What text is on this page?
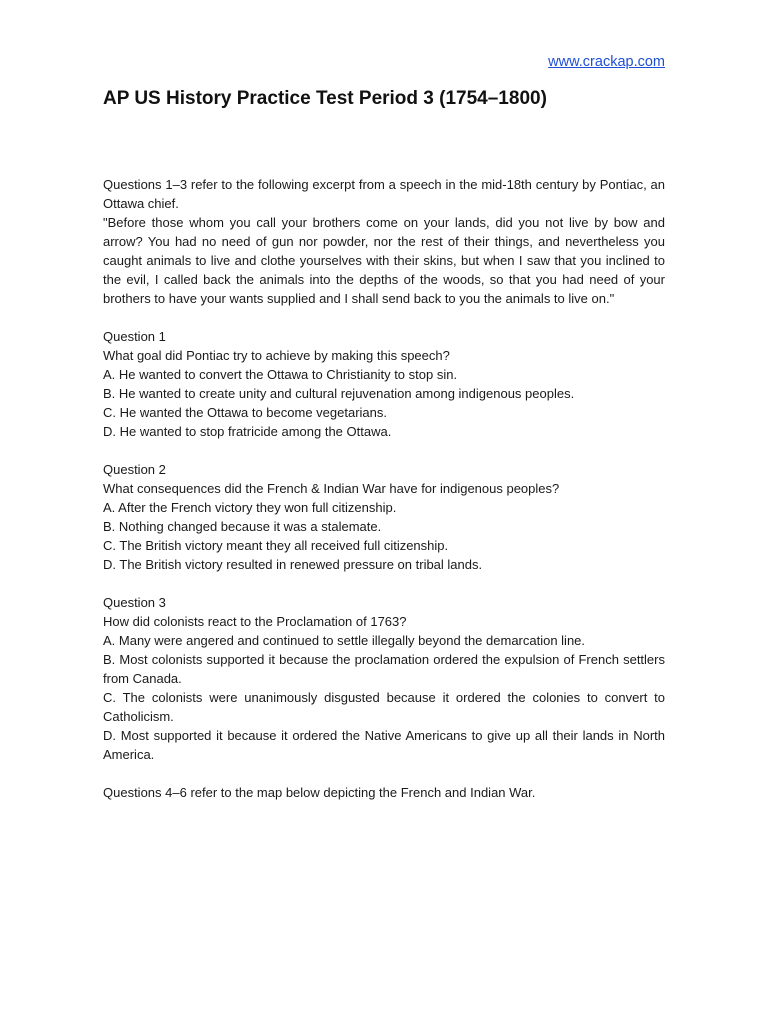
www.crackap.com
AP US History Practice Test Period 3 (1754–1800)

Questions 1–3 refer to the following excerpt from a speech in the mid-18th century by Pontiac, an Ottawa chief.

"Before those whom you call your brothers come on your lands, did you not live by bow and arrow? You had no need of gun nor powder, nor the rest of their things, and nevertheless you caught animals to live and clothe yourselves with their skins, but when I saw that you inclined to the evil, I called back the animals into the depths of the woods, so that you had need of your brothers to have your wants supplied and I shall send back to you the animals to live on."

Question 1
What goal did Pontiac try to achieve by making this speech?
A. He wanted to convert the Ottawa to Christianity to stop sin.
B. He wanted to create unity and cultural rejuvenation among indigenous peoples.
C. He wanted the Ottawa to become vegetarians.
D. He wanted to stop fratricide among the Ottawa.
Question 2
What consequences did the French & Indian War have for indigenous peoples?
A. After the French victory they won full citizenship.
B. Nothing changed because it was a stalemate.
C. The British victory meant they all received full citizenship.
D. The British victory resulted in renewed pressure on tribal lands.
Question 3
How did colonists react to the Proclamation of 1763?
A. Many were angered and continued to settle illegally beyond the demarcation line.
B. Most colonists supported it because the proclamation ordered the expulsion of French settlers from Canada.
C. The colonists were unanimously disgusted because it ordered the colonies to convert to Catholicism.
D. Most supported it because it ordered the Native Americans to give up all their lands in North America.

Questions 4–6 refer to the map below depicting the French and Indian War.
